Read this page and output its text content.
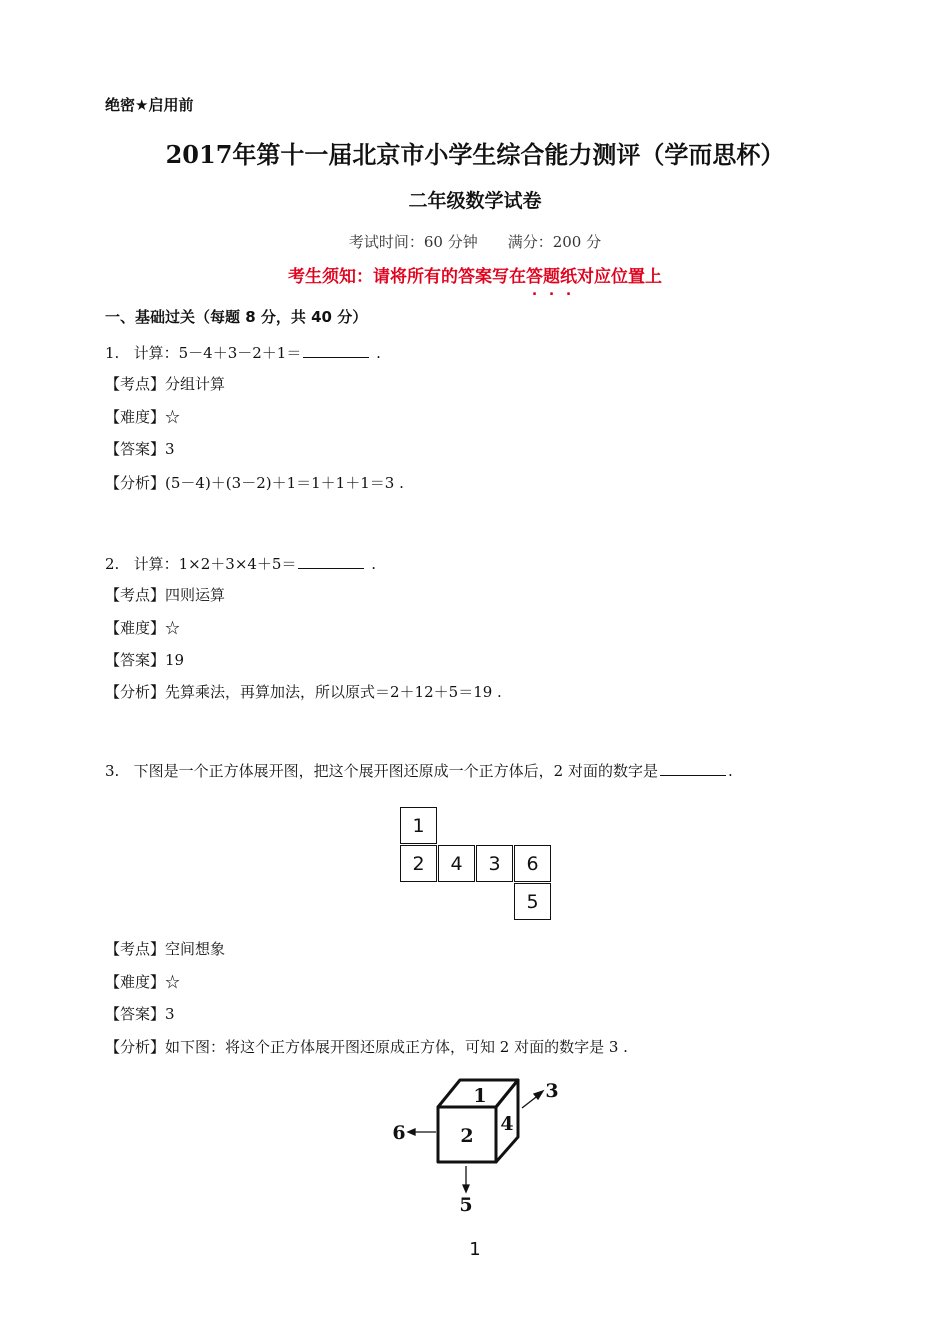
绝密★启用前
2017年第十一届北京市小学生综合能力测评（学而思杯）
二年级数学试卷
考试时间：60 分钟　　满分：200 分
考生须知：请将所有的答案写在答题纸对应位置上
一、基础过关（每题 8 分，共 40 分）
1. 计算：5－4＋3－2＋1＝	.
【考点】分组计算
【难度】☆
【答案】3
【分析】(5－4)＋(3－2)＋1＝1＋1＋1＝3 .
2. 计算：1×2＋3×4＋5＝	.
【考点】四则运算
【难度】☆
【答案】19
【分析】先算乘法，再算加法，所以原式＝2＋12＋5＝19 .
3. 下图是一个正方体展开图，把这个展开图还原成一个正方体后，2 对面的数字是	.
1
2	4	3	6
5
【考点】空间想象
【难度】☆
【答案】3
【分析】如下图：将这个正方体展开图还原成正方体，可知 2 对面的数字是 3 .
1
2
4
3
6
5
1
